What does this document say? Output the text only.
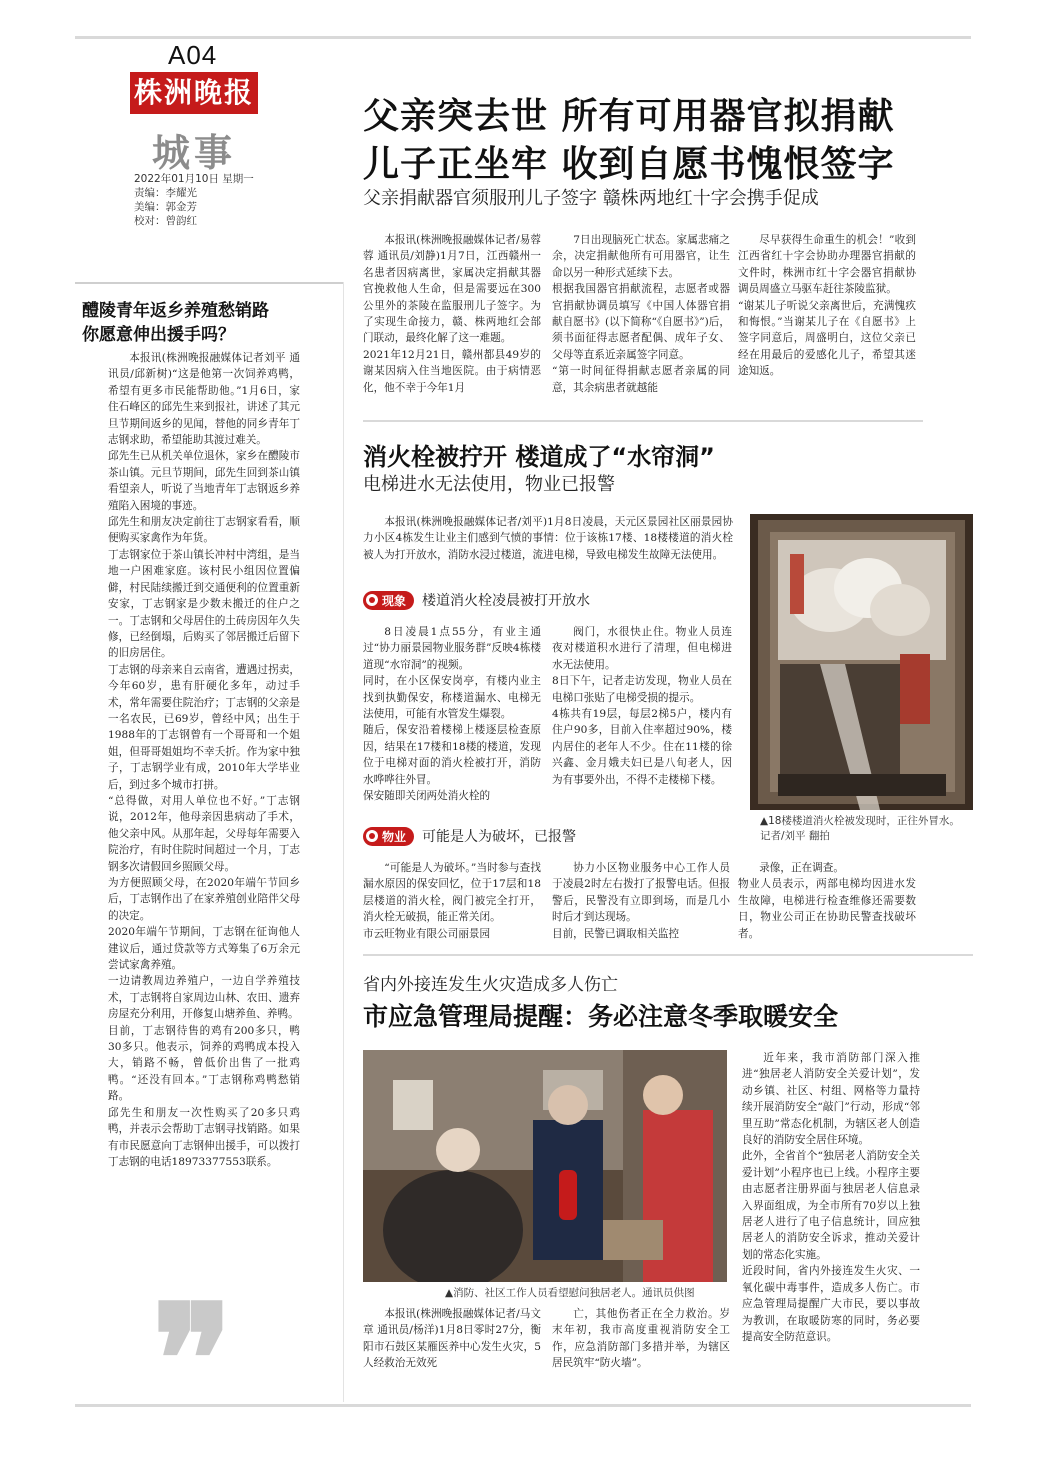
A04
株洲晚报
城事
2022年01月10日 星期一
责编：李耀光
美编：郭金芳
校对：曾韵红
醴陵青年返乡养殖愁销路
你愿意伸出援手吗？
本报讯(株洲晚报融媒体记者刘平 通讯员/邱新树)“这是他第一次饲养鸡鸭，希望有更多市民能帮助他。”1月6日，家住石峰区的邱先生来到报社，讲述了其元旦节期间返乡的见闻，替他的同乡青年丁志钢求助，希望能助其渡过难关。
邱先生已从机关单位退休，家乡在醴陵市茶山镇。元旦节期间，邱先生回到茶山镇看望亲人，听说了当地青年丁志钢返乡养殖陷入困境的事迹。
邱先生和朋友决定前往丁志钢家看看，顺便购买家禽作为年货。
丁志钢家位于茶山镇长冲村中湾组，是当地一户困难家庭。该村民小组因位置偏僻，村民陆续搬迁到交通便利的位置重新安家，丁志钢家是少数未搬迁的住户之一。丁志钢和父母居住的土砖房因年久失修，已经倒塌，后购买了邻居搬迁后留下的旧房居住。
丁志钢的母亲来自云南省，遭遇过拐卖，今年60岁，患有肝硬化多年，动过手术，常年需要住院治疗；丁志钢的父亲是一名农民，已69岁，曾经中风；出生于1988年的丁志钢曾有一个哥哥和一个姐姐，但哥哥姐姐均不幸夭折。作为家中独子，丁志钢学业有成，2010年大学毕业后，到过多个城市打拼。
“总得做，对用人单位也不好。”丁志钢说，2012年，他母亲因患病动了手术，他父亲中风。从那年起，父母每年需要入院治疗，有时住院时间超过一个月，丁志钢多次请假回乡照顾父母。
为方便照顾父母，在2020年端午节回乡后，丁志钢作出了在家养殖创业陪伴父母的决定。
2020年端午节期间，丁志钢在征询他人建议后，通过贷款等方式筹集了6万余元尝试家禽养殖。
一边请教周边养殖户，一边自学养殖技术，丁志钢将自家周边山林、农田、遗弃房屋充分利用，开修复山塘养鱼、养鸭。
目前，丁志钢待售的鸡有200多只，鸭30多只。他表示，饲养的鸡鸭成本投入大，销路不畅，曾低价出售了一批鸡鸭。“还没有回本。”丁志钢称鸡鸭愁销路。
邱先生和朋友一次性购买了20多只鸡鸭，并表示会帮助丁志钢寻找销路。如果有市民愿意向丁志钢伸出援手，可以拨打丁志钢的电话18973377553联系。
❞
父亲突去世 所有可用器官拟捐献
儿子正坐牢 收到自愿书愧恨签字
父亲捐献器官须服刑儿子签字 赣株两地红十字会携手促成
本报讯(株洲晚报融媒体记者/易蓉蓉 通讯员/刘静)1月7日，江西赣州一名患者因病离世，家属决定捐献其器官挽救他人生命，但是需要远在300公里外的茶陵在监服刑儿子签字。为了实现生命接力，赣、株两地红会部门联动，最终化解了这一难题。
2021年12月21日，赣州都县49岁的谢某因病入住当地医院。由于病情恶化，他不幸于今年1月
7日出现脑死亡状态。家属悲痛之余，决定捐献他所有可用器官，让生命以另一种形式延续下去。
根据我国器官捐献流程，志愿者或器官捐献协调员填写《中国人体器官捐献自愿书》(以下简称“《自愿书》”)后，须书面征得志愿者配偶、成年子女、父母等直系近亲属签字同意。
“第一时间征得捐献志愿者亲属的同意，其余病患者就越能
尽早获得生命重生的机会！”收到江西省红十字会协助办理器官捐献的文件时，株洲市红十字会器官捐献协调员周盛立马驱车赶往茶陵监狱。
“谢某儿子听说父亲离世后，充满愧疚和悔恨。”当谢某儿子在《自愿书》上签字同意后，周盛明白，这位父亲已经在用最后的爱感化儿子，希望其迷途知返。
消火栓被拧开 楼道成了“水帘洞”
电梯进水无法使用，物业已报警
本报讯(株洲晚报融媒体记者/刘平)1月8日凌晨，天元区景园社区丽景园协力小区4栋发生让业主们感到气愤的事情：位于该栋17楼、18楼楼道的消火栓被人为打开放水，消防水浸过楼道，流进电梯，导致电梯发生故障无法使用。
现象 楼道消火栓凌晨被打开放水
8日凌晨1点55分，有业主通过“协力丽景园物业服务群”反映4栋楼道现“水帘洞”的视频。
同时，在小区保安岗亭，有楼内业主找到执勤保安，称楼道漏水、电梯无法使用，可能有水管发生爆裂。
随后，保安沿着楼梯上楼逐层检查原因，结果在17楼和18楼的楼道，发现位于电梯对面的消火栓被打开，消防水哗哗往外冒。
保安随即关闭两处消火栓的
阀门，水很快止住。物业人员连夜对楼道积水进行了清理，但电梯进水无法使用。
8日下午，记者走访发现，物业人员在电梯口张贴了电梯受损的提示。
4栋共有19层，每层2梯5户，楼内有住户90多，目前入住率超过90%，楼内居住的老年人不少。住在11楼的徐兴鑫、金月娥夫妇已是八旬老人，因为有事要外出，不得不走楼梯下楼。
▲18楼楼道消火栓被发现时，正往外冒水。 记者/刘平 翻拍
物业 可能是人为破坏，已报警
“可能是人为破坏。”当时参与查找漏水原因的保安回忆，位于17层和18层楼道的消火栓，阀门被完全打开，消火栓无破损，能正常关闭。
市云旺物业有限公司丽景园
协力小区物业服务中心工作人员于凌晨2时左右拨打了报警电话。但报警后，民警没有立即到场，而是几小时后才到达现场。
目前，民警已调取相关监控
录像，正在调查。
物业人员表示，两部电梯均因进水发生故障，电梯进行检查维修还需要数日，物业公司正在协助民警查找破坏者。
省内外接连发生火灾造成多人伤亡
市应急管理局提醒：务必注意冬季取暖安全
▲消防、社区工作人员看望慰问独居老人。通讯员供图
本报讯(株洲晚报融媒体记者/马文章 通讯员/杨洋)1月8日零时27分，衡阳市石鼓区某雁医养中心发生火灾，5人经救治无效死
亡，其他伤者正在全力救治。岁末年初，我市高度重视消防安全工作，应急消防部门多措并举，为辖区居民筑牢“防火墙”。
近年来，我市消防部门深入推进“独居老人消防安全关爱计划”，发动乡镇、社区、村组、网格等力量持续开展消防安全“敲门”行动，形成“邻里互助”常态化机制，为辖区老人创造良好的消防安全居住环境。
此外，全省首个“独居老人消防安全关爱计划”小程序也已上线。小程序主要由志愿者注册界面与独居老人信息录入界面组成，为全市所有70岁以上独居老人进行了电子信息统计，回应独居老人的消防安全诉求，推动关爱计划的常态化实施。
近段时间，省内外接连发生火灾、一氧化碳中毒事件，造成多人伤亡。市应急管理局提醒广大市民，要以事故为教训，在取暖防寒的同时，务必要提高安全防范意识。
